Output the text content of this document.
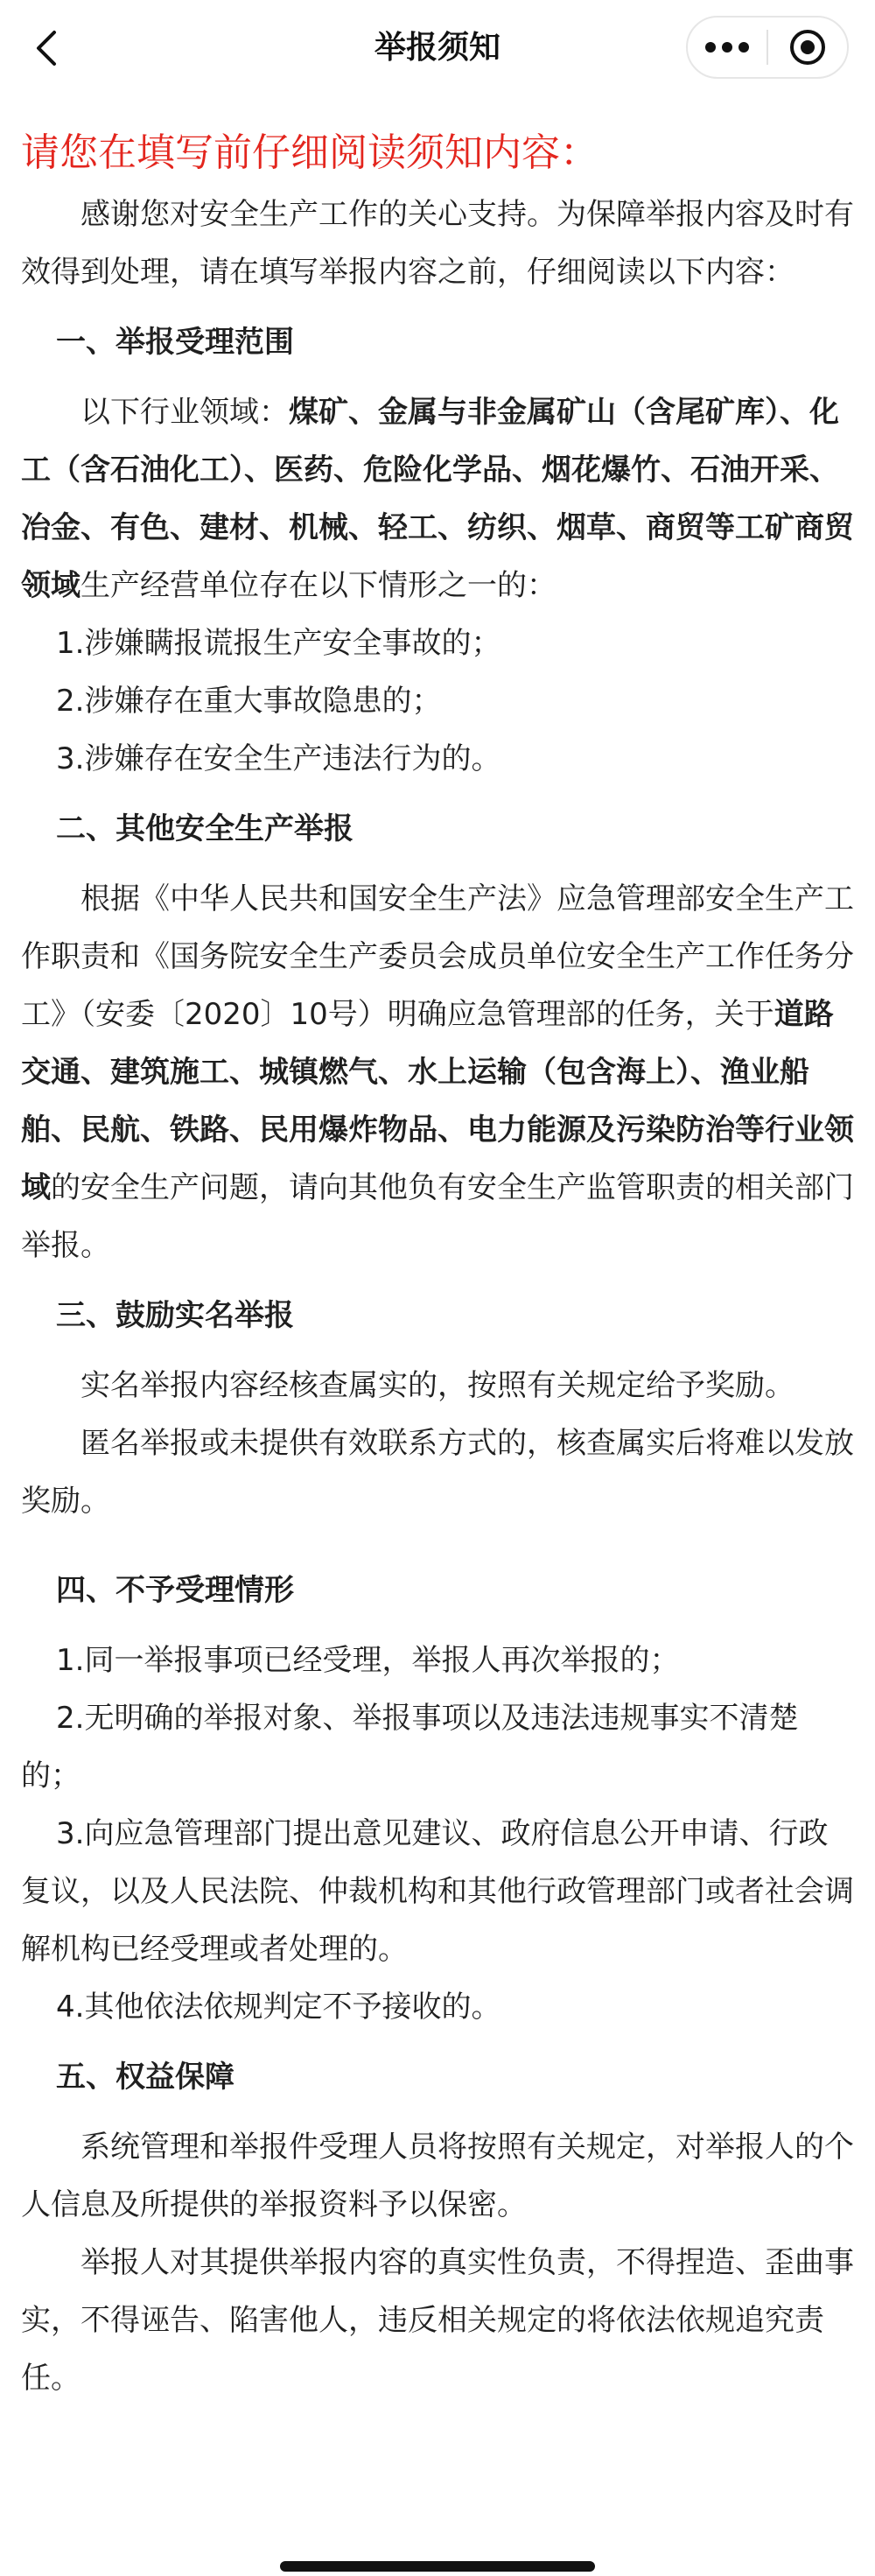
举报须知

请您在填写前仔细阅读须知内容：

感谢您对安全生产工作的关心支持。为保障举报内容及时有效得到处理，请在填写举报内容之前，仔细阅读以下内容：

一、举报受理范围

以下行业领域：煤矿、金属与非金属矿山（含尾矿库）、化工（含石油化工）、医药、危险化学品、烟花爆竹、石油开采、冶金、有色、建材、机械、轻工、纺织、烟草、商贸等工矿商贸领域生产经营单位存在以下情形之一的：

1.涉嫌瞒报谎报生产安全事故的；

2.涉嫌存在重大事故隐患的；

3.涉嫌存在安全生产违法行为的。

二、其他安全生产举报

根据《中华人民共和国安全生产法》应急管理部安全生产工作职责和《国务院安全生产委员会成员单位安全生产工作任务分工》（安委〔2020〕10号）明确应急管理部的任务，关于道路交通、建筑施工、城镇燃气、水上运输（包含海上）、渔业船舶、民航、铁路、民用爆炸物品、电力能源及污染防治等行业领域的安全生产问题，请向其他负有安全生产监管职责的相关部门举报。

三、鼓励实名举报

实名举报内容经核查属实的，按照有关规定给予奖励。

匿名举报或未提供有效联系方式的，核查属实后将难以发放奖励。

四、不予受理情形

1.同一举报事项已经受理，举报人再次举报的；

2.无明确的举报对象、举报事项以及违法违规事实不清楚的；

3.向应急管理部门提出意见建议、政府信息公开申请、行政复议，以及人民法院、仲裁机构和其他行政管理部门或者社会调解机构已经受理或者处理的。

4.其他依法依规判定不予接收的。

五、权益保障

系统管理和举报件受理人员将按照有关规定，对举报人的个人信息及所提供的举报资料予以保密。

举报人对其提供举报内容的真实性负责，不得捏造、歪曲事实，不得诬告、陷害他人，违反相关规定的将依法依规追究责任。
